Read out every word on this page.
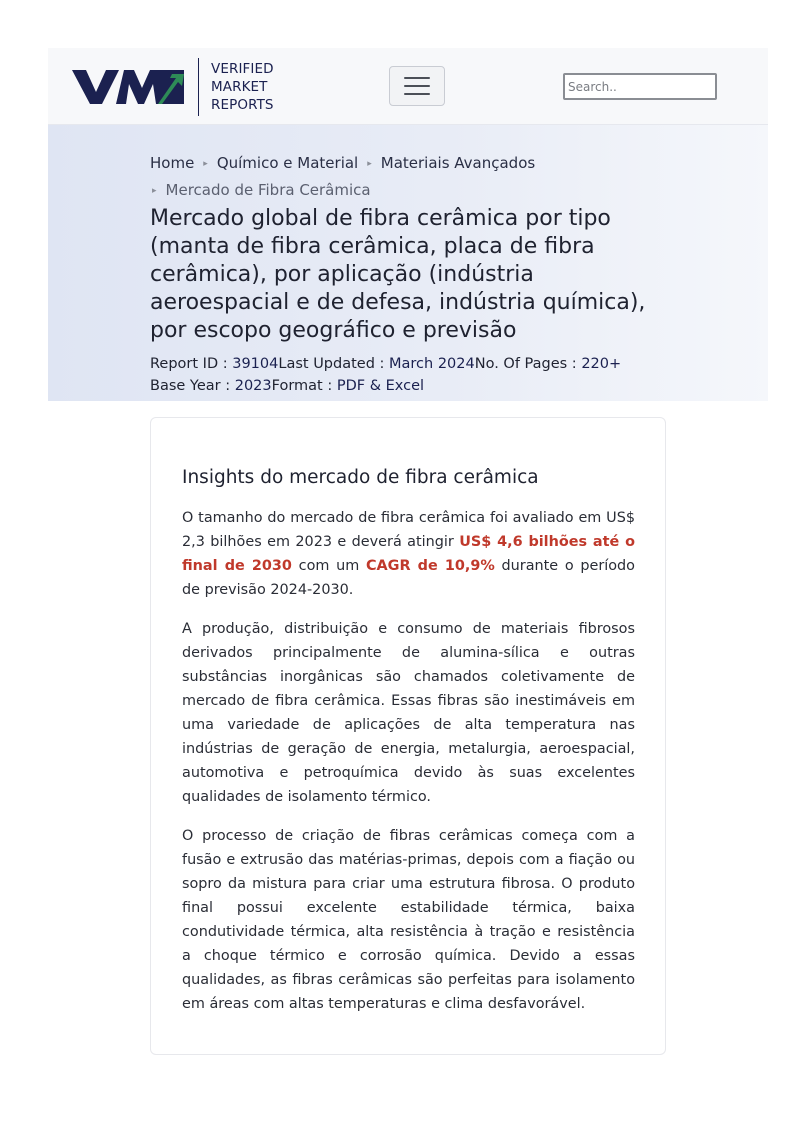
VERIFIED
MARKET
REPORTS
Search..
Home ▸ Químico e Material ▸ Materiais Avançados
▸ Mercado de Fibra Cerâmica
Mercado global de fibra cerâmica por tipo (manta de fibra cerâmica, placa de fibra cerâmica), por aplicação (indústria aeroespacial e de defesa, indústria química), por escopo geográfico e previsão
Report ID : 39104Last Updated : March 2024No. Of Pages : 220+
Base Year : 2023Format : PDF & Excel
Insights do mercado de fibra cerâmica

O tamanho do mercado de fibra cerâmica foi avaliado em US$ 2,3 bilhões em 2023 e deverá atingir US$ 4,6 bilhões até o final de 2030 com um CAGR de 10,9% durante o período de previsão 2024-2030.

A produção, distribuição e consumo de materiais fibrosos derivados principalmente de alumina-sílica e outras substâncias inorgânicas são chamados coletivamente de mercado de fibra cerâmica. Essas fibras são inestimáveis em uma variedade de aplicações de alta temperatura nas indústrias de geração de energia, metalurgia, aeroespacial, automotiva e petroquímica devido às suas excelentes qualidades de isolamento térmico.

O processo de criação de fibras cerâmicas começa com a fusão e extrusão das matérias-primas, depois com a fiação ou sopro da mistura para criar uma estrutura fibrosa. O produto final possui excelente estabilidade térmica, baixa condutividade térmica, alta resistência à tração e resistência a choque térmico e corrosão química. Devido a essas qualidades, as fibras cerâmicas são perfeitas para isolamento em áreas com altas temperaturas e clima desfavorável.
